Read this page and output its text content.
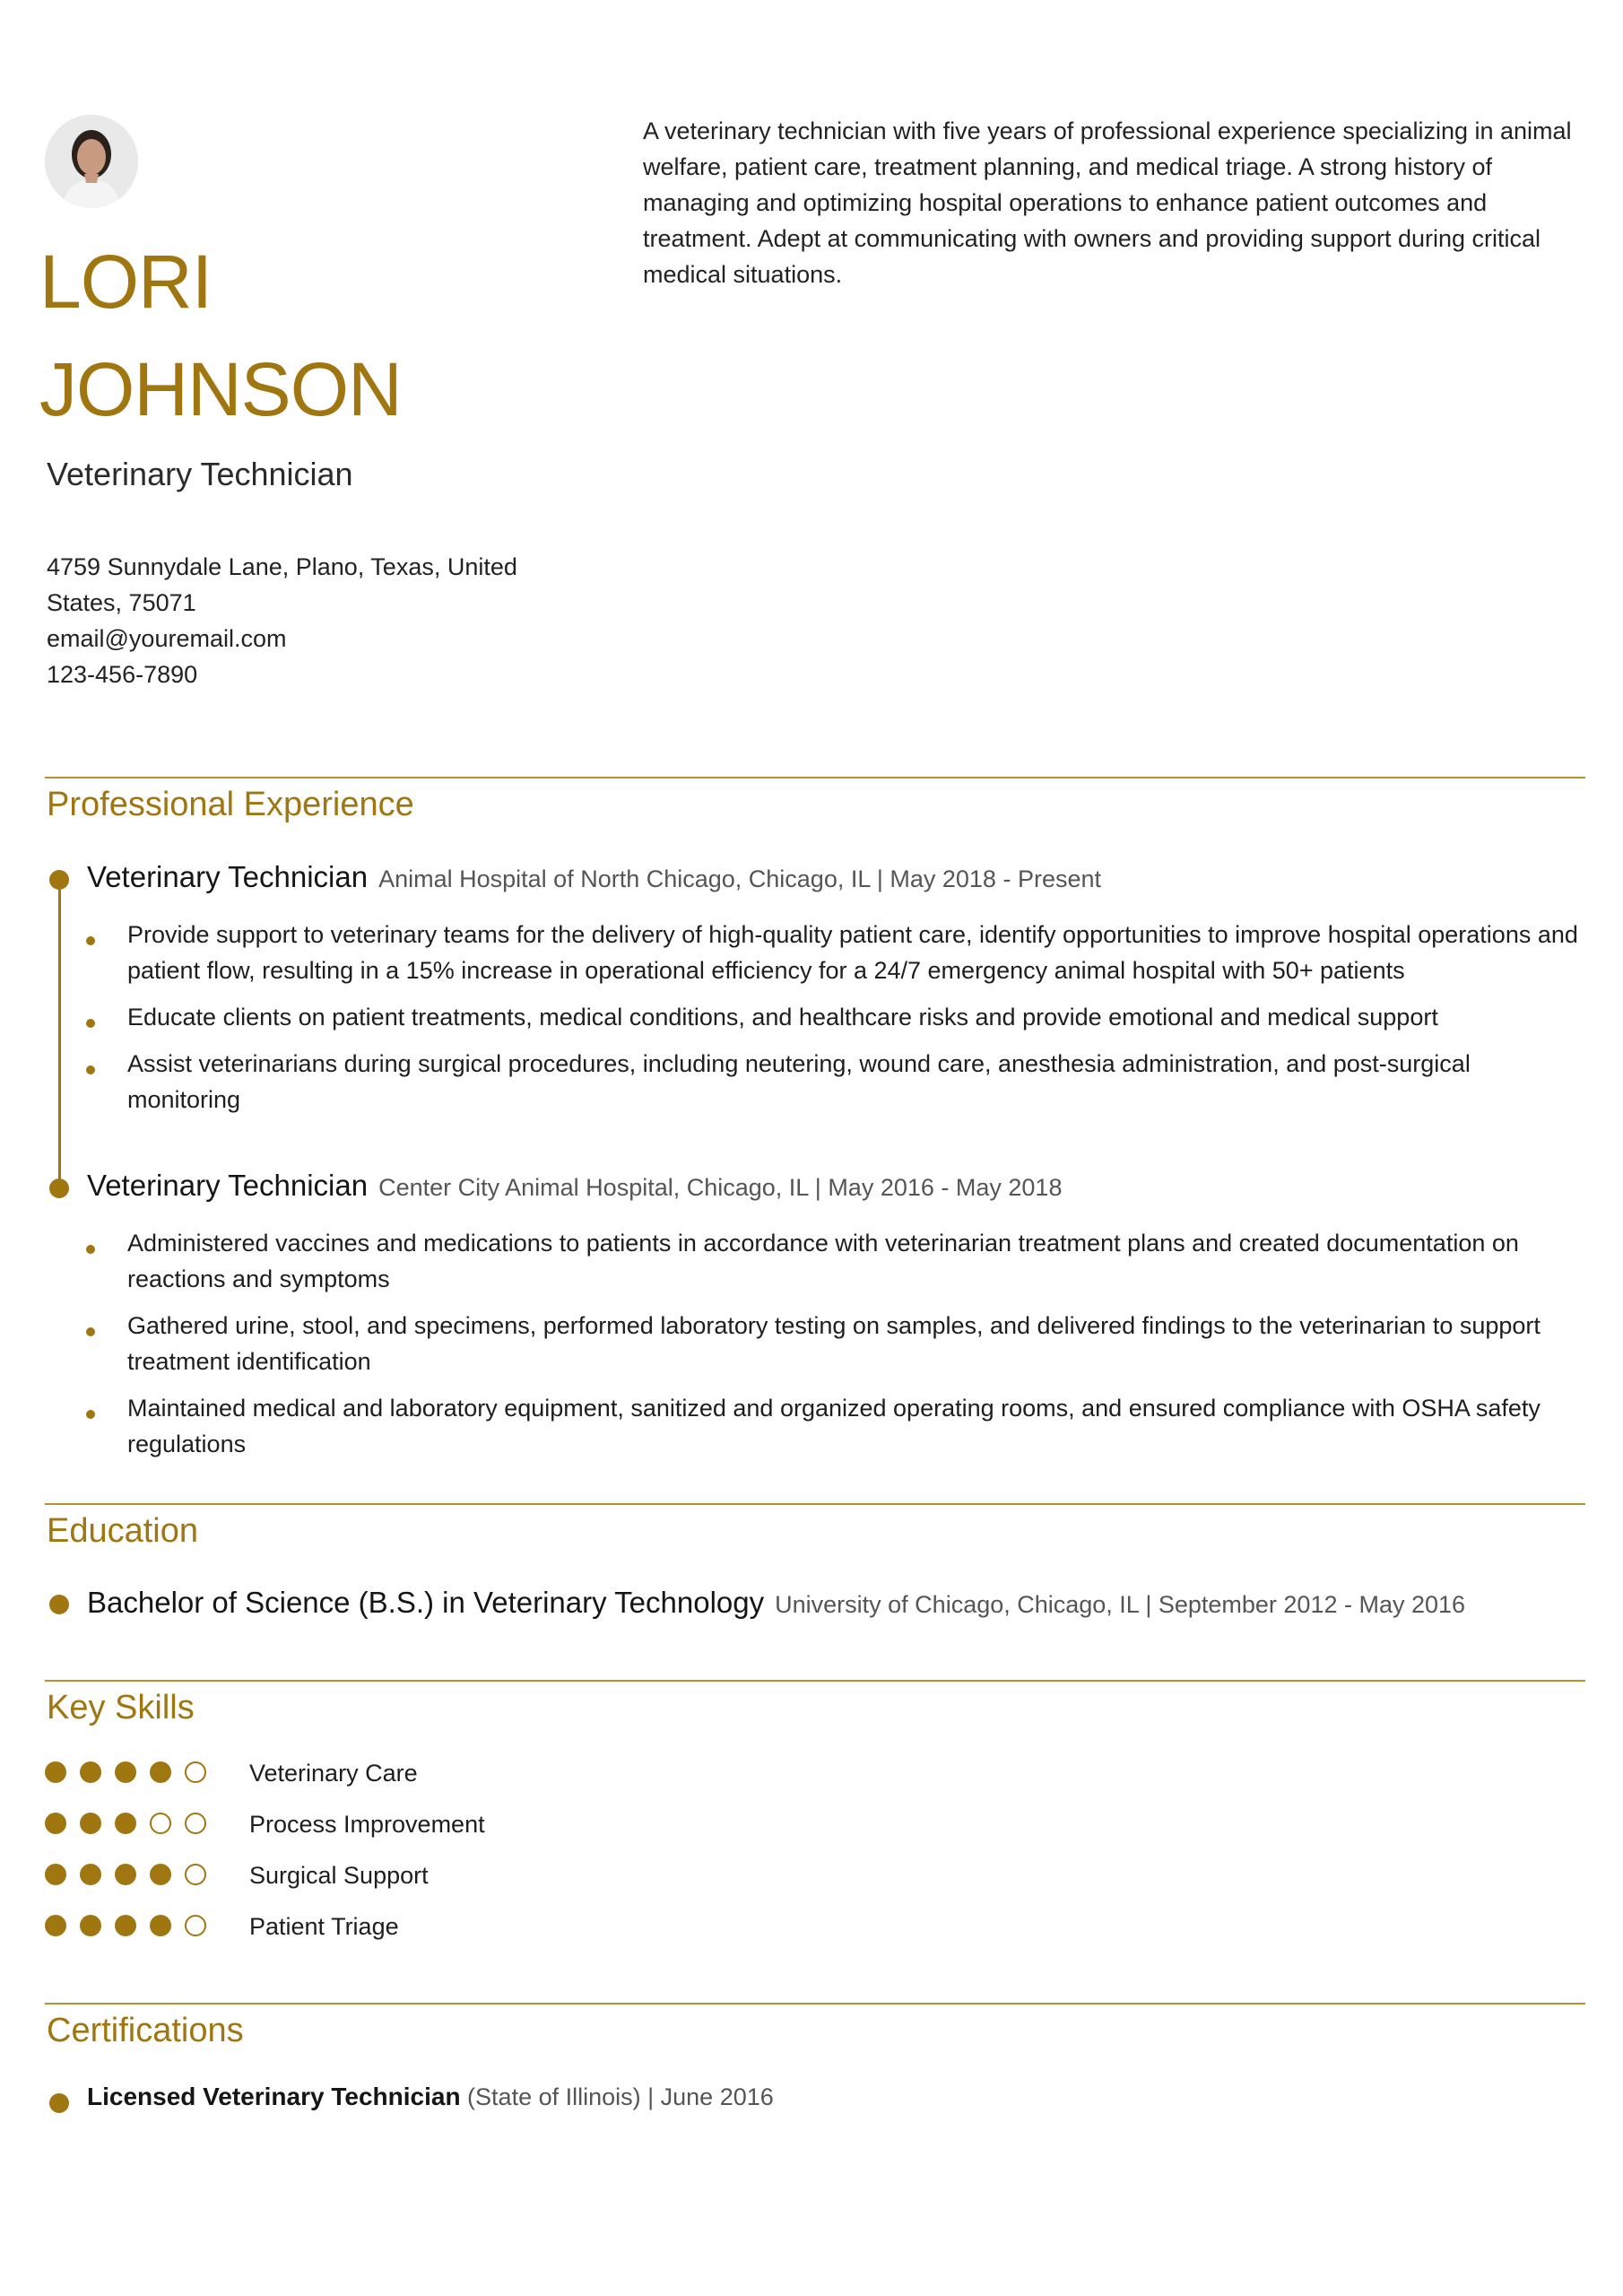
LORI
JOHNSON
Veterinary Technician
4759 Sunnydale Lane, Plano, Texas, United
States, 75071
email@youremail.com
123-456-7890
A veterinary technician with five years of professional experience specializing in animal welfare, patient care, treatment planning, and medical triage. A strong history of managing and optimizing hospital operations to enhance patient outcomes and treatment. Adept at communicating with owners and providing support during critical medical situations.
Professional Experience
Veterinary Technician Animal Hospital of North Chicago, Chicago, IL | May 2018 - Present
Provide support to veterinary teams for the delivery of high-quality patient care, identify opportunities to improve hospital operations and patient flow, resulting in a 15% increase in operational efficiency for a 24/7 emergency animal hospital with 50+ patients
Educate clients on patient treatments, medical conditions, and healthcare risks and provide emotional and medical support
Assist veterinarians during surgical procedures, including neutering, wound care, anesthesia administration, and post-surgical monitoring
Veterinary Technician Center City Animal Hospital, Chicago, IL | May 2016 - May 2018
Administered vaccines and medications to patients in accordance with veterinarian treatment plans and created documentation on reactions and symptoms
Gathered urine, stool, and specimens, performed laboratory testing on samples, and delivered findings to the veterinarian to support treatment identification
Maintained medical and laboratory equipment, sanitized and organized operating rooms, and ensured compliance with OSHA safety regulations
Education
Bachelor of Science (B.S.) in Veterinary Technology University of Chicago, Chicago, IL | September 2012 - May 2016
Key Skills
Veterinary Care
Process Improvement
Surgical Support
Patient Triage
Certifications
Licensed Veterinary Technician (State of Illinois) | June 2016
